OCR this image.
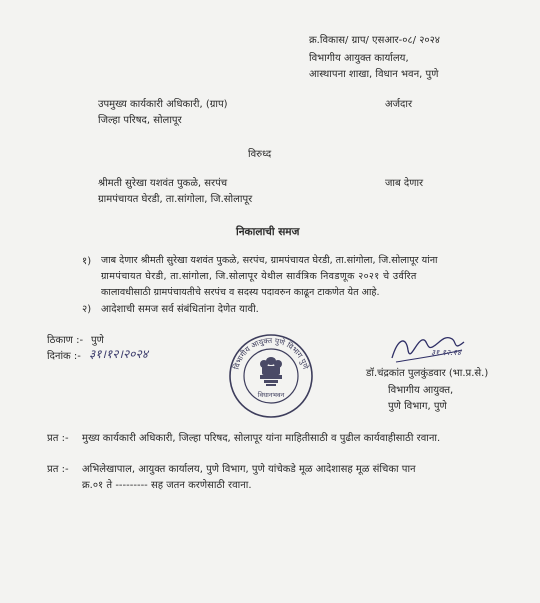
क्र.विकास/ ग्राप/ एसआर-०८/ २०२४
विभागीय आयुक्त कार्यालय,
आस्थापना शाखा, विधान भवन, पुणे
उपमुख्य कार्यकारी अधिकारी, (ग्राप)
जिल्हा परिषद, सोलापूर
अर्जदार
विरुध्द
श्रीमती सुरेखा यशवंत पुकळे, सरपंच
ग्रामपंचायत घेरडी, ता.सांगोला, जि.सोलापूर
जाब देणार
निकालाची समज
१) जाब देणार श्रीमती सुरेखा यशवंत पुकळे, सरपंच, ग्रामपंचायत घेरडी, ता.सांगोला, जि.सोलापूर यांना
ग्रामपंचायत घेरडी, ता.सांगोला, जि.सोलापूर येथील सार्वत्रिक निवडणूक २०२१ चे उर्वरित
कालावधीसाठी ग्रामपंचायतीचे सरपंच व सदस्य पदावरुन काढून टाकणेत येत आहे.
२) आदेशाची समज सर्व संबंधितांना देणेत यावी.
ठिकाण :- पुणे
दिनांक :- ३१।१२।२०२४
विभागीय आयुक्त पुणे विभाग पुणे
विधानभवन
३१.१२.२४
डॉ.चंद्रकांत पुलकुंडवार (भा.प्र.से.)
विभागीय आयुक्त,
पुणे विभाग, पुणे
प्रत :- मुख्य कार्यकारी अधिकारी, जिल्हा परिषद, सोलापूर यांना माहितीसाठी व पुढील कार्यवाहीसाठी रवाना.
प्रत :- अभिलेखापाल, आयुक्त कार्यालय, पुणे विभाग, पुणे यांचेकडे मूळ आदेशासह मूळ संचिका पान
क्र.०१ ते --------- सह जतन करणेसाठी रवाना.
